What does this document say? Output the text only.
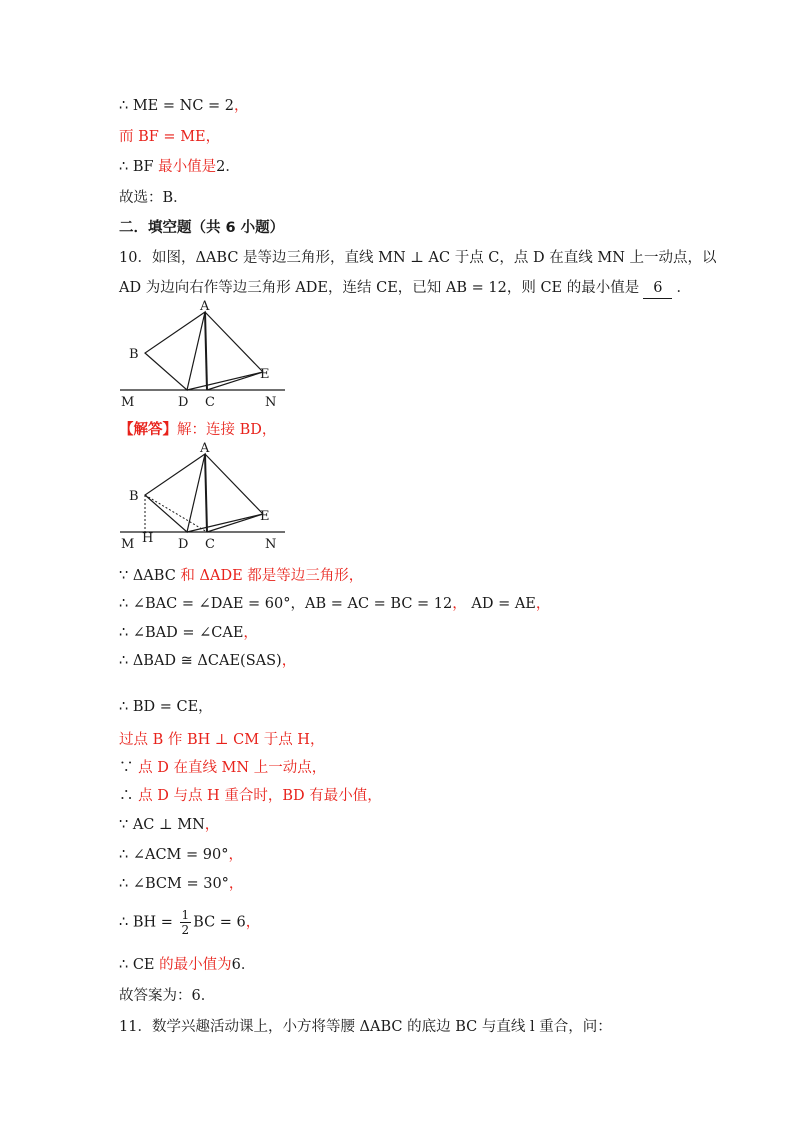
∴ ME = NC = 2，
而 BF = ME，
∴ BF 最小值是2．
故选：B．
二．填空题（共 6 小题）
10．如图，ΔABC 是等边三角形，直线 MN ⊥ AC 于点 C，点 D 在直线 MN 上一动点，以
AD 为边向右作等边三角形 ADE，连结 CE，已知 AB = 12，则 CE 的最小值是 6 ．
A
B
E
M	D C	N
【解答】解：连接 BD，
A
B
E
M H D C	N
∵ ΔABC 和 ΔADE 都是等边三角形，
∴ ∠BAC = ∠DAE = 60°，AB = AC = BC = 12， AD = AE，
∴ ∠BAD = ∠CAE，
∴ ΔBAD ≅ ΔCAE(SAS)，
∴ BD = CE，
过点 B 作 BH ⊥ CM 于点 H，
∵ 点 D 在直线 MN 上一动点，
∴ 点 D 与点 H 重合时，BD 有最小值，
∵ AC ⊥ MN，
∴ ∠ACM = 90°，
∴ ∠BCM = 30°，
∴ BH = $\frac{1}{2}$ BC = 6，
∴ CE 的最小值为6．
故答案为：6．
11．数学兴趣活动课上，小方将等腰 ΔABC 的底边 BC 与直线 l 重合，问：
